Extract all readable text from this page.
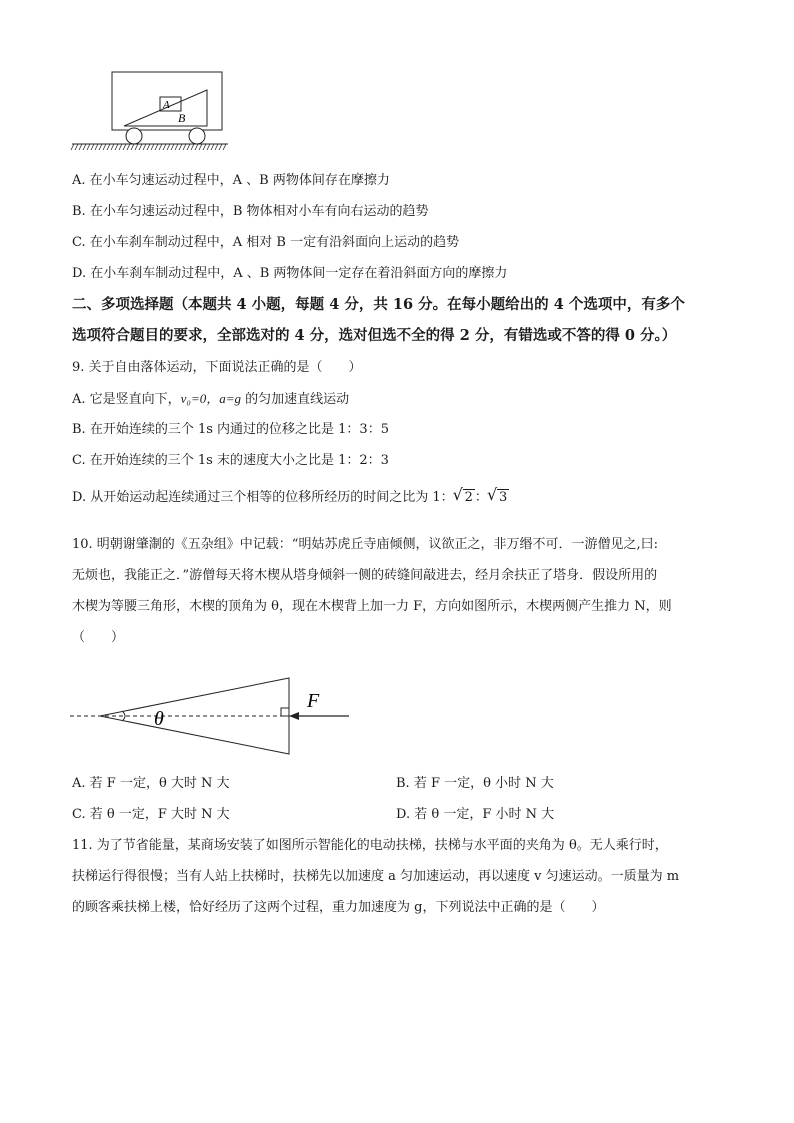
A
B
A. 在小车匀速运动过程中，A 、B 两物体间存在摩擦力
B. 在小车匀速运动过程中，B 物体相对小车有向右运动的趋势
C. 在小车刹车制动过程中，A 相对 B 一定有沿斜面向上运动的趋势
D. 在小车刹车制动过程中，A 、B 两物体间一定存在着沿斜面方向的摩擦力
二、多项选择题（本题共 4 小题，每题 4 分，共 16 分。在每小题给出的 4 个选项中，有多个
选项符合题目的要求，全部选对的 4 分，选对但选不全的得 2 分，有错选或不答的得 0 分。）
9. 关于自由落体运动，下面说法正确的是（　　）
A. 它是竖直向下，v₀=0，a=g 的匀加速直线运动
B. 在开始连续的三个 1s 内通过的位移之比是 1：3：5
C. 在开始连续的三个 1s 末的速度大小之比是 1：2：3
D. 从开始运动起连续通过三个相等的位移所经历的时间之比为 1： √ 2 ： √ 3
10. 明朝谢肇淛的《五杂组》中记载：“明姑苏虎丘寺庙倾侧，议欲正之，非万缗不可．一游僧见之,曰:
无烦也，我能正之．”游僧每天将木楔从塔身倾斜一侧的砖缝间敲进去，经月余扶正了塔身．假设所用的
木楔为等腰三角形，木楔的顶角为 θ，现在木楔背上加一力 F，方向如图所示，木楔两侧产生推力 N，则
（　　）
θ
F
A. 若 F 一定，θ 大时 N 大	B. 若 F 一定，θ 小时 N 大
C. 若 θ 一定，F 大时 N 大	D. 若 θ 一定，F 小时 N 大
11. 为了节省能量，某商场安装了如图所示智能化的电动扶梯，扶梯与水平面的夹角为 θ。无人乘行时，
扶梯运行得很慢；当有人站上扶梯时，扶梯先以加速度 a 匀加速运动，再以速度 v 匀速运动。一质量为 m
的顾客乘扶梯上楼，恰好经历了这两个过程，重力加速度为 g，下列说法中正确的是（　　）
